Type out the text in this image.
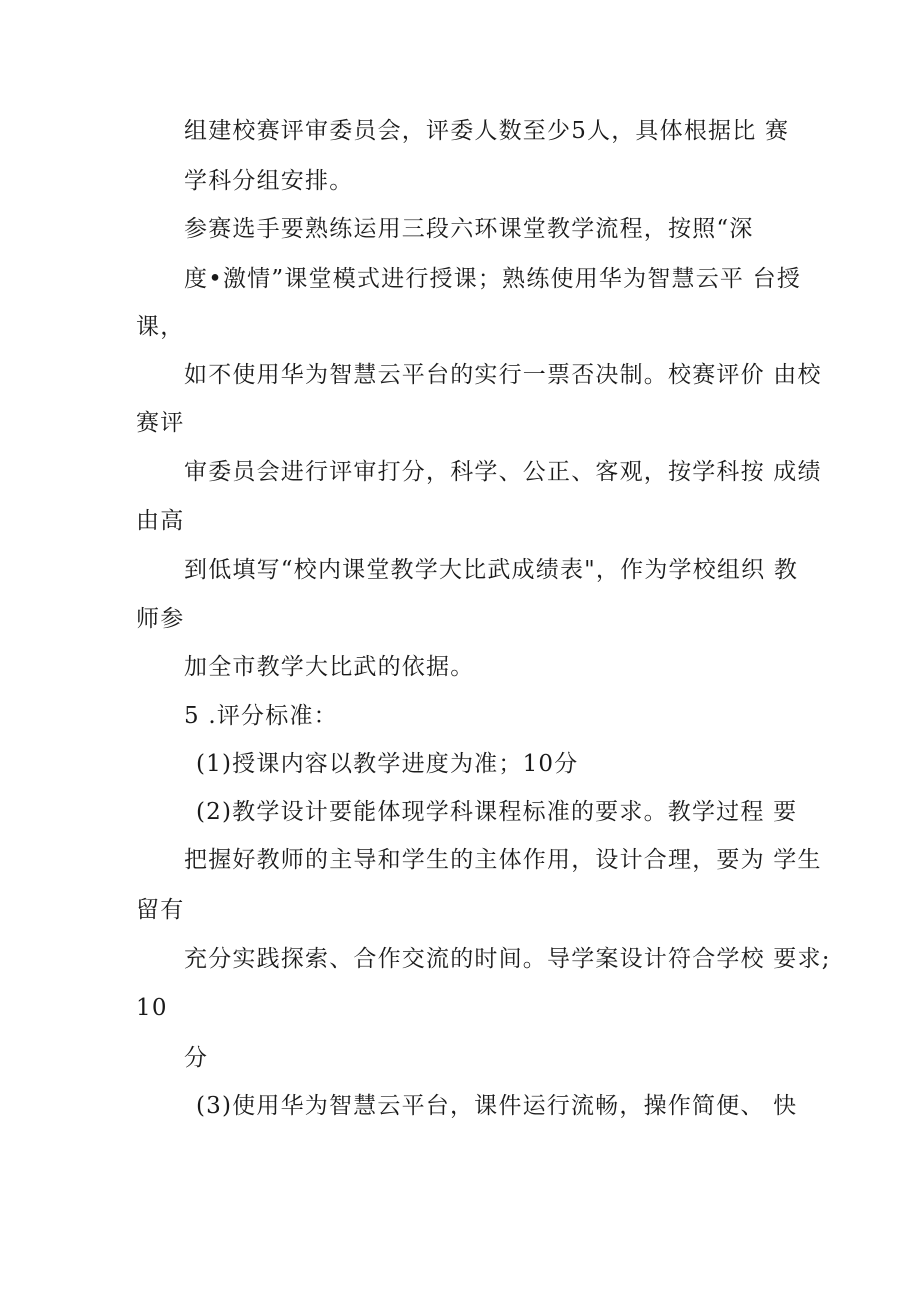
组建校赛评审委员会，评委人数至少5人，具体根据比 赛

学科分组安排。

参赛选手要熟练运用三段六环课堂教学流程，按照“深

度•激情”课堂模式进行授课；熟练使用华为智慧云平 台授

课，

如不使用华为智慧云平台的实行一票否决制。校赛评价 由校

赛评

审委员会进行评审打分，科学、公正、客观，按学科按 成绩

由高

到低填写“校内课堂教学大比武成绩表"，作为学校组织 教

师参

加全市教学大比武的依据。

5 .评分标准：

(1)授课内容以教学进度为准；10分

(2)教学设计要能体现学科课程标准的要求。教学过程 要

把握好教师的主导和学生的主体作用，设计合理，要为 学生

留有

充分实践探索、合作交流的时间。导学案设计符合学校 要求;

10

分

(3)使用华为智慧云平台，课件运行流畅，操作简便、 快
